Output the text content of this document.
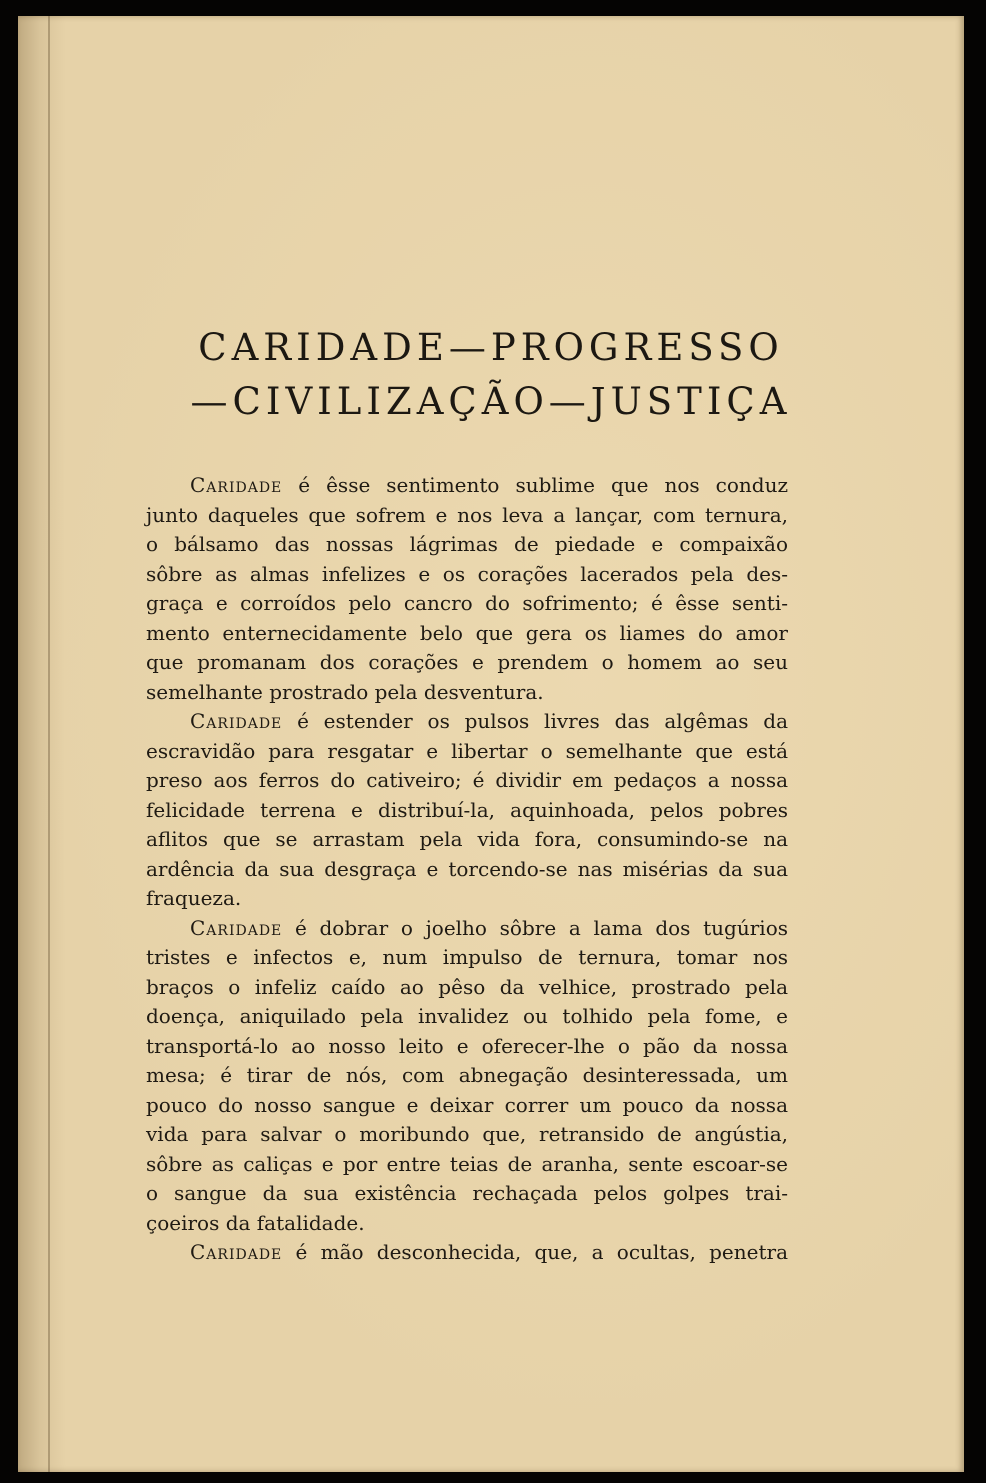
CARIDADE—PROGRESSO
—CIVILIZAÇÃO—JUSTIÇA

Caridade é êsse sentimento sublime que nos conduz
junto daqueles que sofrem e nos leva a lançar, com ternura,
o bálsamo das nossas lágrimas de piedade e compaixão
sôbre as almas infelizes e os corações lacerados pela des-
graça e corroídos pelo cancro do sofrimento; é êsse senti-
mento enternecidamente belo que gera os liames do amor
que promanam dos corações e prendem o homem ao seu
semelhante prostrado pela desventura.

Caridade é estender os pulsos livres das algêmas da
escravidão para resgatar e libertar o semelhante que está
preso aos ferros do cativeiro; é dividir em pedaços a nossa
felicidade terrena e distribuí-la, aquinhoada, pelos pobres
aflitos que se arrastam pela vida fora, consumindo-se na
ardência da sua desgraça e torcendo-se nas misérias da sua
fraqueza.

Caridade é dobrar o joelho sôbre a lama dos tugúrios
tristes e infectos e, num impulso de ternura, tomar nos
braços o infeliz caído ao pêso da velhice, prostrado pela
doença, aniquilado pela invalidez ou tolhido pela fome, e
transportá-lo ao nosso leito e oferecer-lhe o pão da nossa
mesa; é tirar de nós, com abnegação desinteressada, um
pouco do nosso sangue e deixar correr um pouco da nossa
vida para salvar o moribundo que, retransido de angústia,
sôbre as caliças e por entre teias de aranha, sente escoar-se
o sangue da sua existência rechaçada pelos golpes trai-
çoeiros da fatalidade.

Caridade é mão desconhecida, que, a ocultas, penetra
